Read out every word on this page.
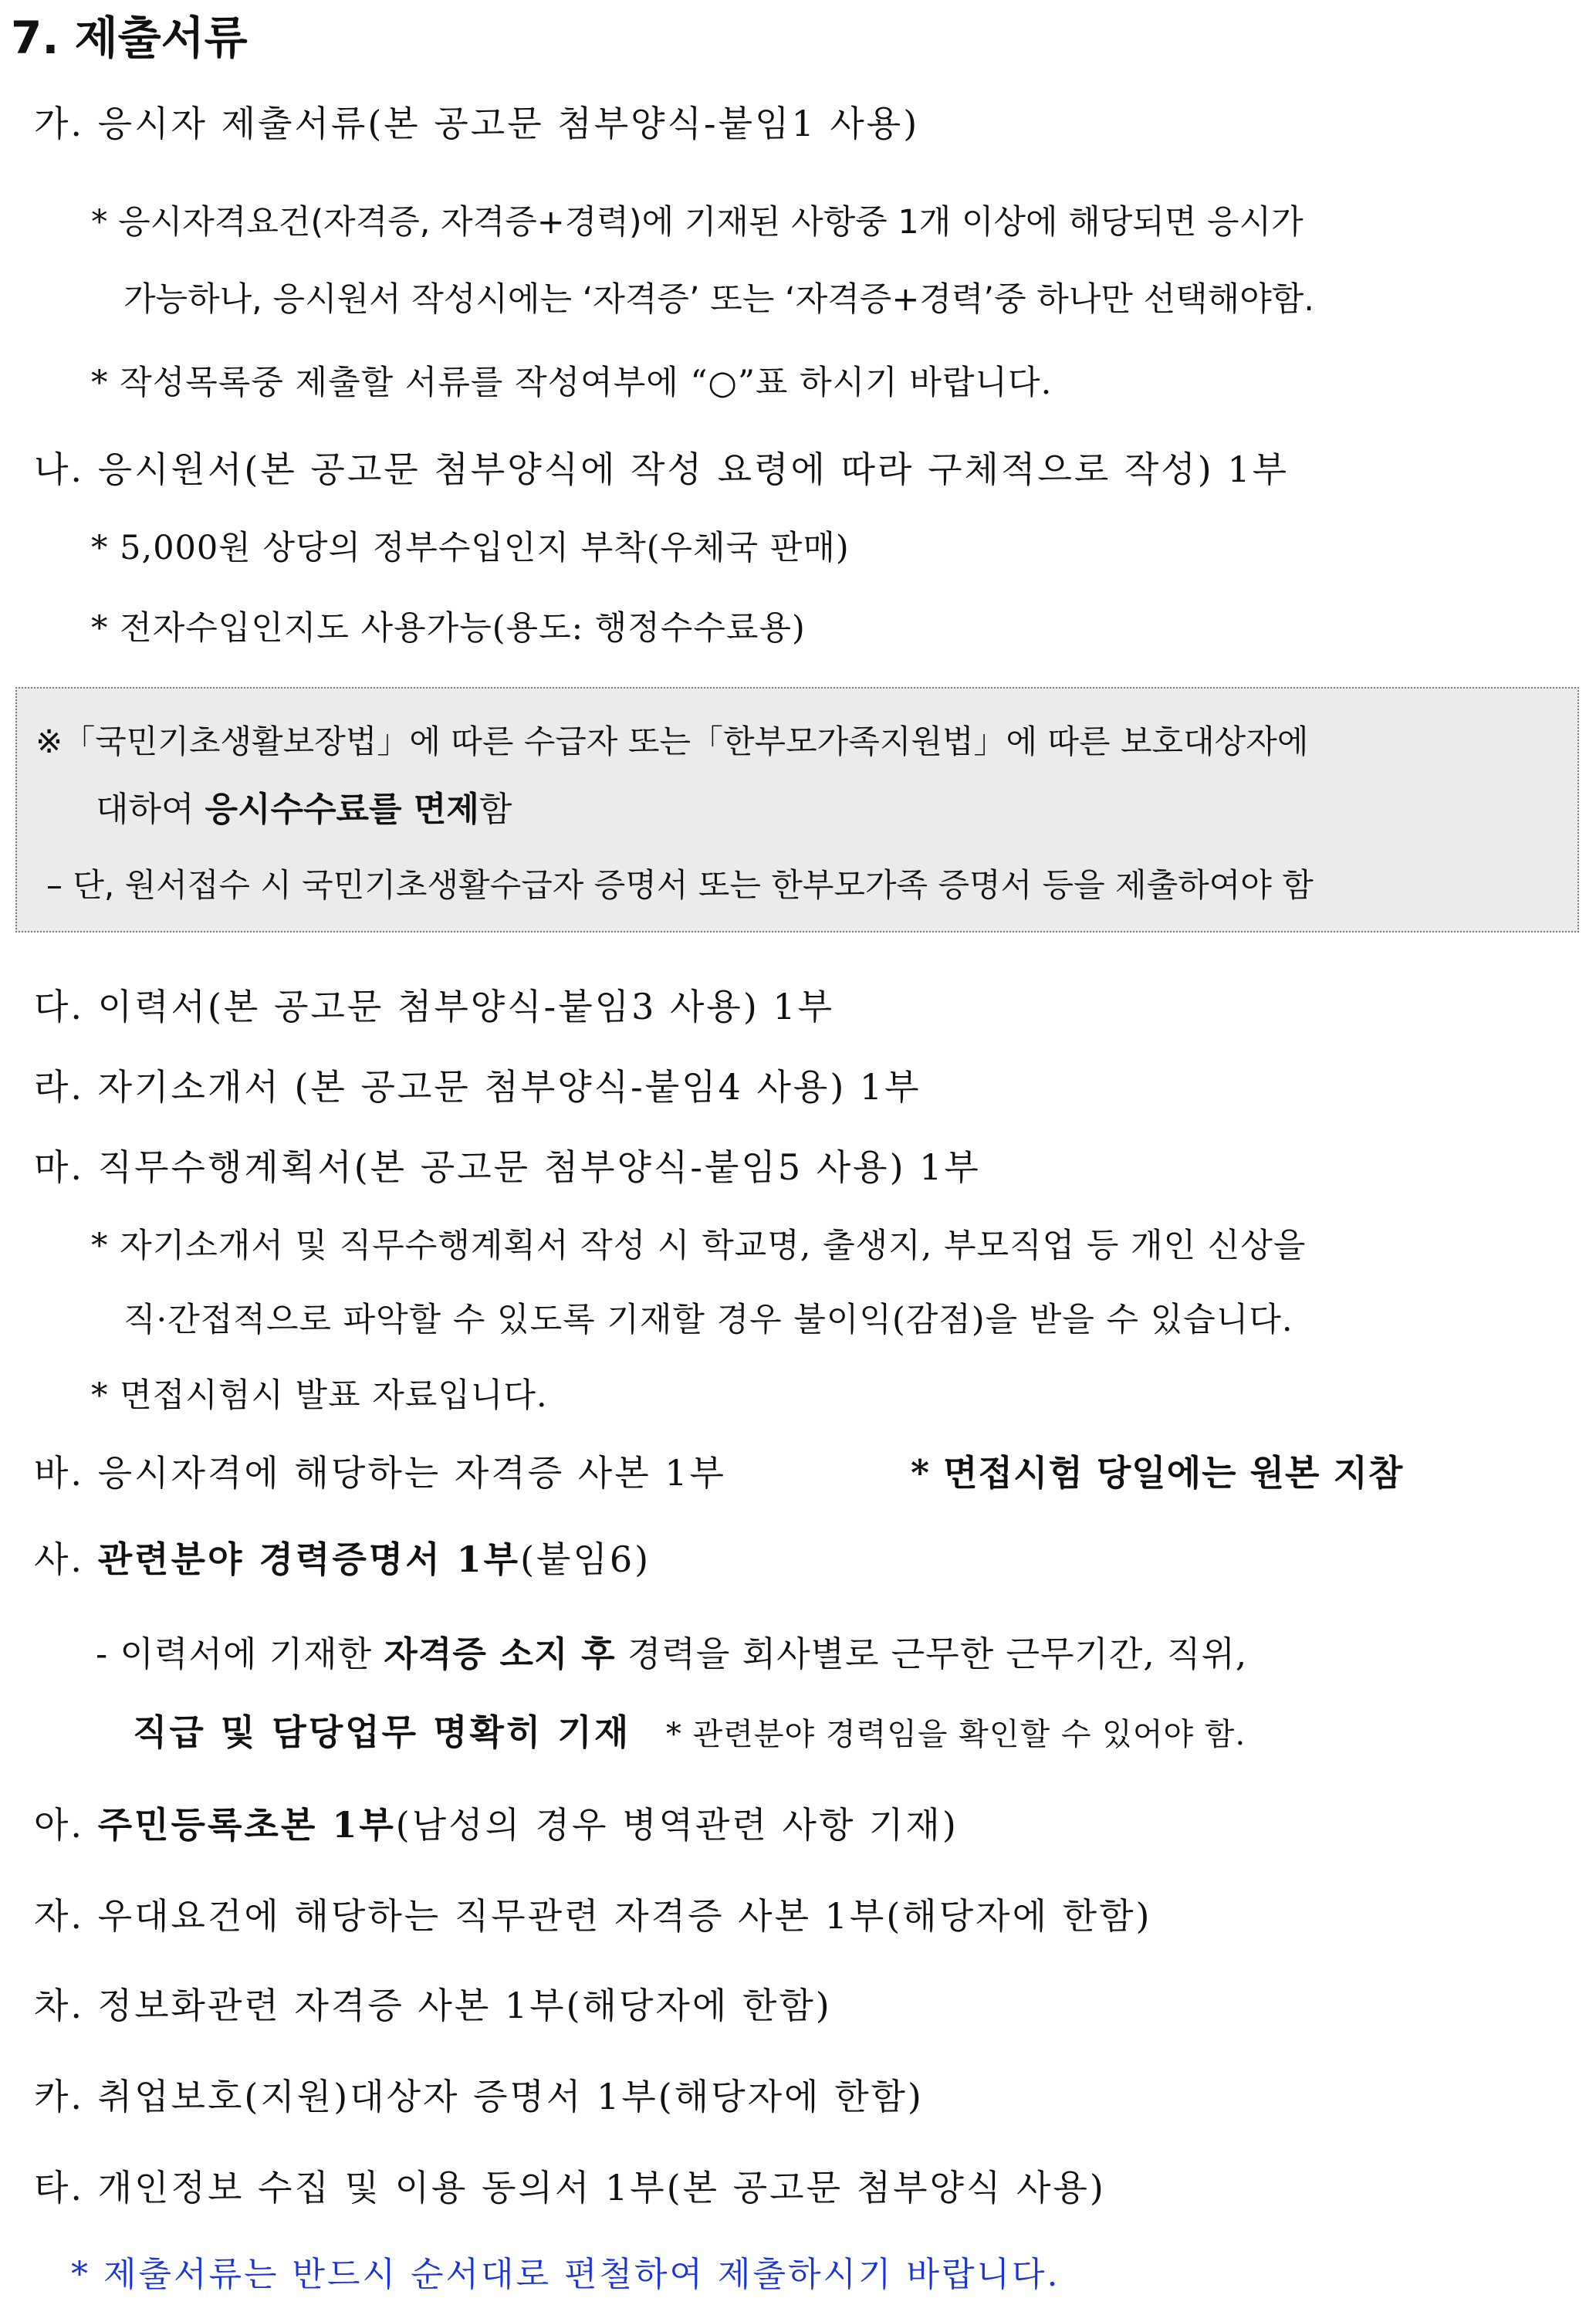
7. 제출서류
가. 응시자 제출서류(본 공고문 첨부양식-붙임1 사용)
* 응시자격요건(자격증, 자격증+경력)에 기재된 사항중 1개 이상에 해당되면 응시가
가능하나, 응시원서 작성시에는 ‘자격증’ 또는 ‘자격증+경력’중 하나만 선택해야함.
* 작성목록중 제출할 서류를 작성여부에 “○”표 하시기 바랍니다.
나. 응시원서(본 공고문 첨부양식에 작성 요령에 따라 구체적으로 작성) 1부
* 5,000원 상당의 정부수입인지 부착(우체국 판매)
* 전자수입인지도 사용가능(용도: 행정수수료용)
※「국민기초생활보장법」에 따른 수급자 또는「한부모가족지원법」에 따른 보호대상자에
대하여 응시수수료를 면제함
– 단, 원서접수 시 국민기초생활수급자 증명서 또는 한부모가족 증명서 등을 제출하여야 함
다. 이력서(본 공고문 첨부양식-붙임3 사용) 1부
라. 자기소개서 (본 공고문 첨부양식-붙임4 사용) 1부
마. 직무수행계획서(본 공고문 첨부양식-붙임5 사용) 1부
* 자기소개서 및 직무수행계획서 작성 시 학교명, 출생지, 부모직업 등 개인 신상을
직·간접적으로 파악할 수 있도록 기재할 경우 불이익(감점)을 받을 수 있습니다.
* 면접시험시 발표 자료입니다.
바. 응시자격에 해당하는 자격증 사본 1부	* 면접시험 당일에는 원본 지참
사. 관련분야 경력증명서 1부(붙임6)
- 이력서에 기재한 자격증 소지 후 경력을 회사별로 근무한 근무기간, 직위,
직급 및 담당업무 명확히 기재 * 관련분야 경력임을 확인할 수 있어야 함.
아. 주민등록초본 1부(남성의 경우 병역관련 사항 기재)
자. 우대요건에 해당하는 직무관련 자격증 사본 1부(해당자에 한함)
차. 정보화관련 자격증 사본 1부(해당자에 한함)
카. 취업보호(지원)대상자 증명서 1부(해당자에 한함)
타. 개인정보 수집 및 이용 동의서 1부(본 공고문 첨부양식 사용)
* 제출서류는 반드시 순서대로 편철하여 제출하시기 바랍니다.
